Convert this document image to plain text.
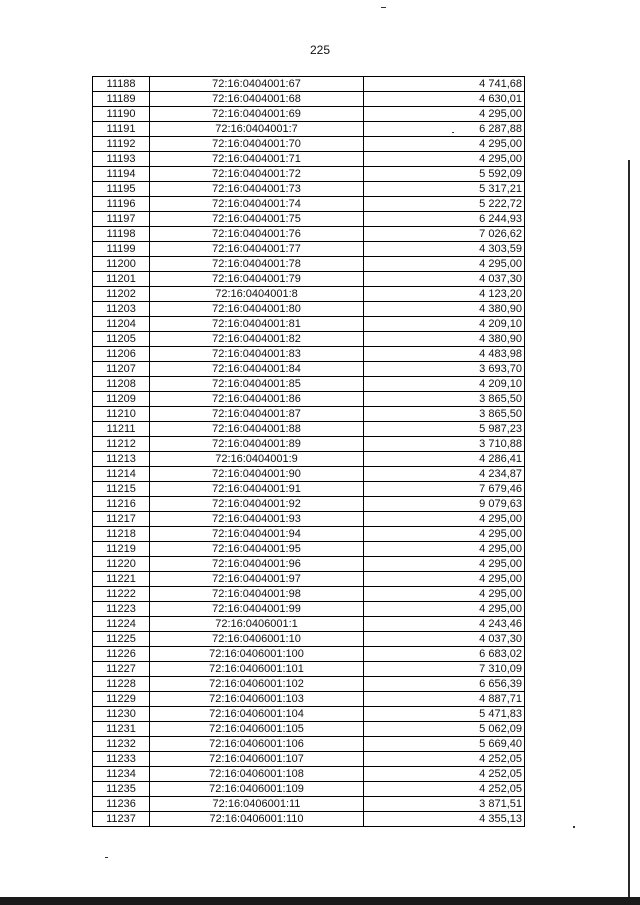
225
11188	72:16:0404001:67	4 741,68
11189	72:16:0404001:68	4 630,01
11190	72:16:0404001:69	4 295,00
11191	72:16:0404001:7	6 287,88
11192	72:16:0404001:70	4 295,00
11193	72:16:0404001:71	4 295,00
11194	72:16:0404001:72	5 592,09
11195	72:16:0404001:73	5 317,21
11196	72:16:0404001:74	5 222,72
11197	72:16:0404001:75	6 244,93
11198	72:16:0404001:76	7 026,62
11199	72:16:0404001:77	4 303,59
11200	72:16:0404001:78	4 295,00
11201	72:16:0404001:79	4 037,30
11202	72:16:0404001:8	4 123,20
11203	72:16:0404001:80	4 380,90
11204	72:16:0404001:81	4 209,10
11205	72:16:0404001:82	4 380,90
11206	72:16:0404001:83	4 483,98
11207	72:16:0404001:84	3 693,70
11208	72:16:0404001:85	4 209,10
11209	72:16:0404001:86	3 865,50
11210	72:16:0404001:87	3 865,50
11211	72:16:0404001:88	5 987,23
11212	72:16:0404001:89	3 710,88
11213	72:16:0404001:9	4 286,41
11214	72:16:0404001:90	4 234,87
11215	72:16:0404001:91	7 679,46
11216	72:16:0404001:92	9 079,63
11217	72:16:0404001:93	4 295,00
11218	72:16:0404001:94	4 295,00
11219	72:16:0404001:95	4 295,00
11220	72:16:0404001:96	4 295,00
11221	72:16:0404001:97	4 295,00
11222	72:16:0404001:98	4 295,00
11223	72:16:0404001:99	4 295,00
11224	72:16:0406001:1	4 243,46
11225	72:16:0406001:10	4 037,30
11226	72:16:0406001:100	6 683,02
11227	72:16:0406001:101	7 310,09
11228	72:16:0406001:102	6 656,39
11229	72:16:0406001:103	4 887,71
11230	72:16:0406001:104	5 471,83
11231	72:16:0406001:105	5 062,09
11232	72:16:0406001:106	5 669,40
11233	72:16:0406001:107	4 252,05
11234	72:16:0406001:108	4 252,05
11235	72:16:0406001:109	4 252,05
11236	72:16:0406001:11	3 871,51
11237	72:16:0406001:110	4 355,13
